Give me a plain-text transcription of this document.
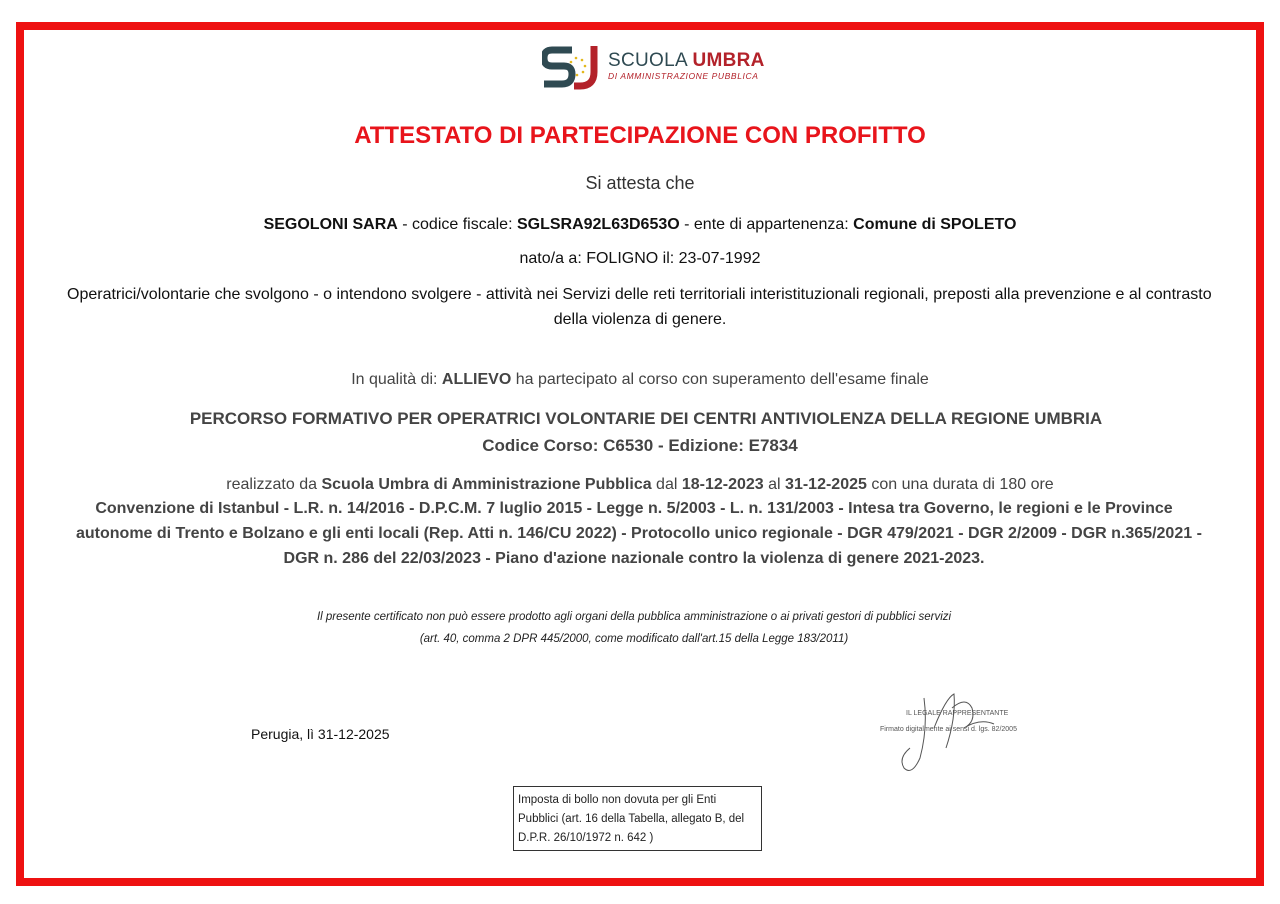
SCUOLA UMBRA
DI AMMINISTRAZIONE PUBBLICA
ATTESTATO DI PARTECIPAZIONE CON PROFITTO
Si attesta che
SEGOLONI SARA - codice fiscale: SGLSRA92L63D653O - ente di appartenenza: Comune di SPOLETO
nato/a a: FOLIGNO il: 23-07-1992
Operatrici/volontarie che svolgono - o intendono svolgere - attività nei Servizi delle reti territoriali interistituzionali regionali, preposti alla prevenzione e al contrasto
della violenza di genere.
In qualità di: ALLIEVO ha partecipato al corso con superamento dell'esame finale
PERCORSO FORMATIVO PER OPERATRICI VOLONTARIE DEI CENTRI ANTIVIOLENZA DELLA REGIONE UMBRIA
Codice Corso: C6530 - Edizione: E7834
realizzato da Scuola Umbra di Amministrazione Pubblica dal 18-12-2023 al 31-12-2025 con una durata di 180 ore
Convenzione di Istanbul - L.R. n. 14/2016 - D.P.C.M. 7 luglio 2015 - Legge n. 5/2003 - L. n. 131/2003 - Intesa tra Governo, le regioni e le Province
autonome di Trento e Bolzano e gli enti locali (Rep. Atti n. 146/CU 2022) - Protocollo unico regionale - DGR 479/2021 - DGR 2/2009 - DGR n.365/2021 -
DGR n. 286 del 22/03/2023 - Piano d'azione nazionale contro la violenza di genere 2021-2023.
Il presente certificato non può essere prodotto agli organi della pubblica amministrazione o ai privati gestori di pubblici servizi
(art. 40, comma 2 DPR 445/2000, come modificato dall'art.15 della Legge 183/2011)
Perugia, lì 31-12-2025
IL LEGALE RAPPRESENTANTE
Firmato digitalmente ai sensi d. lgs. 82/2005
Imposta di bollo non dovuta per gli Enti
Pubblici (art. 16 della Tabella, allegato B, del
D.P.R. 26/10/1972 n. 642 )
